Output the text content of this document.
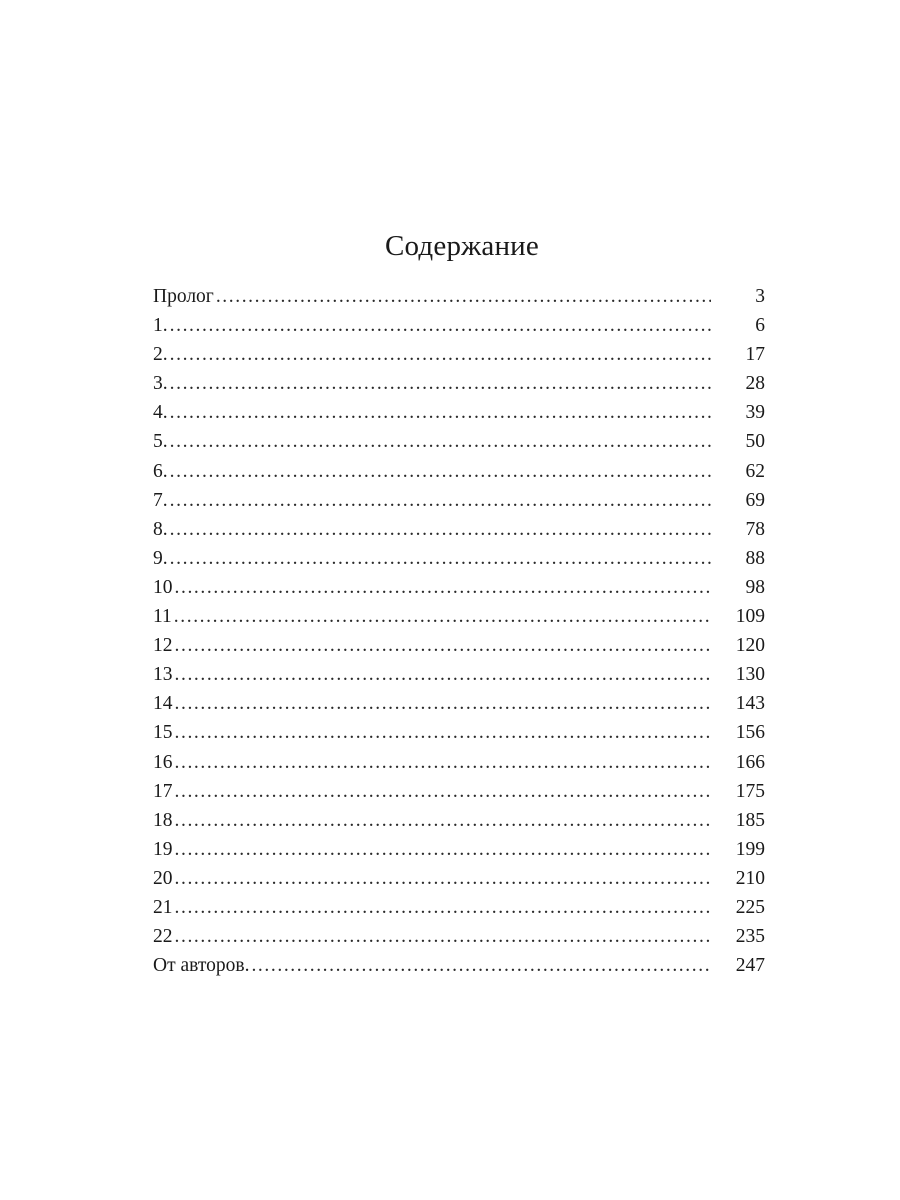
Содержание
Пролог .....	3
1. .....	6
2. .....	17
3. .....	28
4. .....	39
5. .....	50
6. .....	62
7. .....	69
8. .....	78
9. .....	88
10 .....	98
11 .....	109
12 .....	120
13 .....	130
14 .....	143
15 .....	156
16 .....	166
17 .....	175
18 .....	185
19 .....	199
20 .....	210
21 .....	225
22 .....	235
От авторов. .....	247
